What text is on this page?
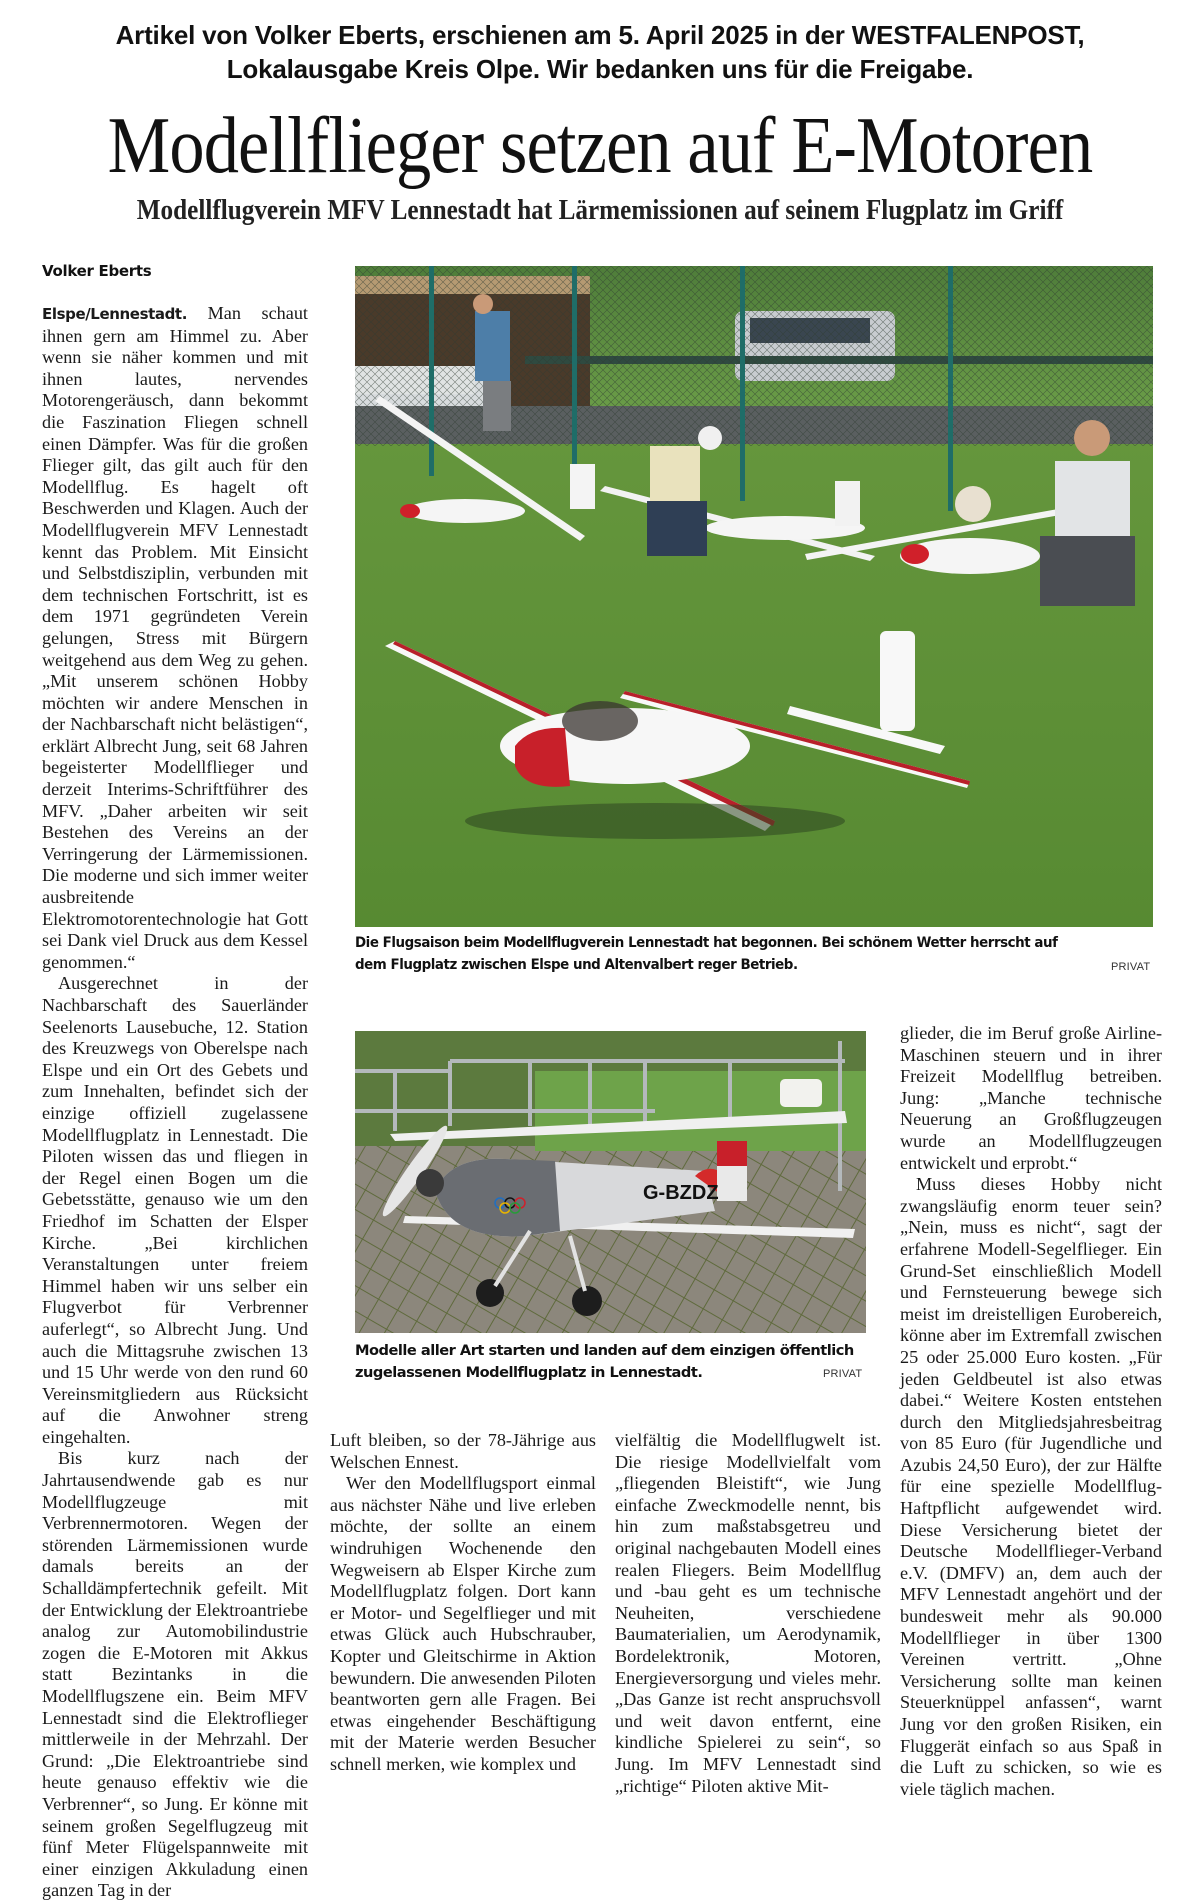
Artikel von Volker Eberts, erschienen am 5. April 2025 in der WESTFALENPOST,
Lokalausgabe Kreis Olpe. Wir bedanken uns für die Freigabe.
Modellflieger setzen auf E-Motoren
Modellflugverein MFV Lennestadt hat Lärmemissionen auf seinem Flugplatz im Griff
Volker Eberts

Elspe/Lennestadt. Man schaut ihnen gern am Himmel zu. Aber wenn sie näher kommen und mit ihnen lautes, nervendes Motorengeräusch, dann bekommt die Faszination Fliegen schnell einen Dämpfer. Was für die großen Flieger gilt, das gilt auch für den Modellflug. Es hagelt oft Beschwerden und Klagen. Auch der Modellflugverein MFV Lennestadt kennt das Problem. Mit Einsicht und Selbstdisziplin, verbunden mit dem technischen Fortschritt, ist es dem 1971 gegründeten Verein gelungen, Stress mit Bürgern weitgehend aus dem Weg zu gehen. „Mit unserem schönen Hobby möchten wir andere Menschen in der Nachbarschaft nicht belästigen“, erklärt Albrecht Jung, seit 68 Jahren begeisterter Modellflieger und derzeit Interims-Schriftführer des MFV. „Daher arbeiten wir seit Bestehen des Vereins an der Verringerung der Lärmemissionen. Die moderne und sich immer weiter ausbreitende Elektromotorentechnologie hat Gott sei Dank viel Druck aus dem Kessel genommen.“

Ausgerechnet in der Nachbarschaft des Sauerländer Seelenorts Lausebuche, 12. Station des Kreuzwegs von Oberelspe nach Elspe und ein Ort des Gebets und zum Innehalten, befindet sich der einzige offiziell zugelassene Modellflugplatz in Lennestadt. Die Piloten wissen das und fliegen in der Regel einen Bogen um die Gebetsstätte, genauso wie um den Friedhof im Schatten der Elsper Kirche. „Bei kirchlichen Veranstaltungen unter freiem Himmel haben wir uns selber ein Flugverbot für Verbrenner auferlegt“, so Albrecht Jung. Und auch die Mittagsruhe zwischen 13 und 15 Uhr werde von den rund 60 Vereinsmitgliedern aus Rücksicht auf die Anwohner streng eingehalten.

Bis kurz nach der Jahrtausendwende gab es nur Modellflugzeuge mit Verbrennermotoren. Wegen der störenden Lärmemissionen wurde damals bereits an der Schalldämpfertechnik gefeilt. Mit der Entwicklung der Elektroantriebe analog zur Automobilindustrie zogen die E-Motoren mit Akkus statt Bezintanks in die Modellflugszene ein. Beim MFV Lennestadt sind die Elektroflieger mittlerweile in der Mehrzahl. Der Grund: „Die Elektroantriebe sind heute genauso effektiv wie die Verbrenner“, so Jung. Er könne mit seinem großen Segelflugzeug mit fünf Meter Flügelspannweite mit einer einzigen Akkuladung einen ganzen Tag in der

Die Flugsaison beim Modellflugverein Lennestadt hat begonnen. Bei schönem Wetter herrscht auf dem Flugplatz zwischen Elspe und Altenvalbert reger Betrieb.	PRIVAT
G-BZDZ
Modelle aller Art starten und landen auf dem einzigen öffentlich zugelassenen Modellflugplatz in Lennestadt.	PRIVAT

Luft bleiben, so der 78-Jährige aus Welschen Ennest.

Wer den Modellflugsport einmal aus nächster Nähe und live erleben möchte, der sollte an einem windruhigen Wochenende den Wegweisern ab Elsper Kirche zum Modellflugplatz folgen. Dort kann er Motor- und Segelflieger und mit etwas Glück auch Hubschrauber, Kopter und Gleitschirme in Aktion bewundern. Die anwesenden Piloten beantworten gern alle Fragen. Bei etwas eingehender Beschäftigung mit der Materie werden Besucher schnell merken, wie komplex und

vielfältig die Modellflugwelt ist. Die riesige Modellvielfalt vom „fliegenden Bleistift“, wie Jung einfache Zweckmodelle nennt, bis hin zum maßstabsgetreu und original nachgebauten Modell eines realen Fliegers. Beim Modellflug und -bau geht es um technische Neuheiten, verschiedene Baumaterialien, um Aerodynamik, Bordelektronik, Motoren, Energieversorgung und vieles mehr. „Das Ganze ist recht anspruchsvoll und weit davon entfernt, eine kindliche Spielerei zu sein“, so Jung. Im MFV Lennestadt sind „richtige“ Piloten aktive Mit-

glieder, die im Beruf große Airline-Maschinen steuern und in ihrer Freizeit Modellflug betreiben. Jung: „Manche technische Neuerung an Großflugzeugen wurde an Modellflugzeugen entwickelt und erprobt.“

Muss dieses Hobby nicht zwangsläufig enorm teuer sein? „Nein, muss es nicht“, sagt der erfahrene Modell-Segelflieger. Ein Grund-Set einschließlich Modell und Fernsteuerung bewege sich meist im dreistelligen Eurobereich, könne aber im Extremfall zwischen 25 oder 25.000 Euro kosten. „Für jeden Geldbeutel ist also etwas dabei.“ Weitere Kosten entstehen durch den Mitgliedsjahresbeitrag von 85 Euro (für Jugendliche und Azubis 24,50 Euro), der zur Hälfte für eine spezielle Modellflug-Haftpflicht aufgewendet wird. Diese Versicherung bietet der Deutsche Modellflieger-Verband e.V. (DMFV) an, dem auch der MFV Lennestadt angehört und der bundesweit mehr als 90.000 Modellflieger in über 1300 Vereinen vertritt. „Ohne Versicherung sollte man keinen Steuerknüppel anfassen“, warnt Jung vor den großen Risiken, ein Fluggerät einfach so aus Spaß in die Luft zu schicken, so wie es viele täglich machen.
